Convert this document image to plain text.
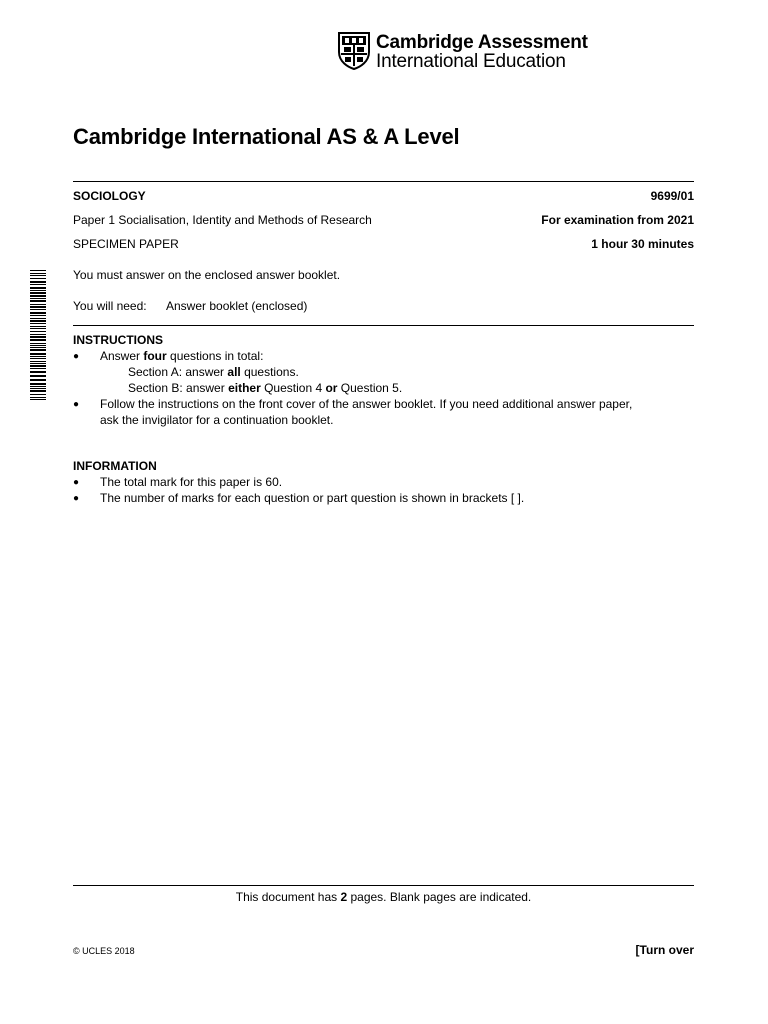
Cambridge Assessment
International Education
Cambridge International AS & A Level
SOCIOLOGY	9699/01
Paper 1 Socialisation, Identity and Methods of Research	For examination from 2021
SPECIMEN PAPER	1 hour 30 minutes
You must answer on the enclosed answer booklet.
You will need: Answer booklet (enclosed)
INSTRUCTIONS
● Answer four questions in total:
Section A: answer all questions.
Section B: answer either Question 4 or Question 5.
● Follow the instructions on the front cover of the answer booklet. If you need additional answer paper,
ask the invigilator for a continuation booklet.
INFORMATION
● The total mark for this paper is 60.
● The number of marks for each question or part question is shown in brackets [ ].
This document has 2 pages. Blank pages are indicated.
© UCLES 2018	[Turn over
